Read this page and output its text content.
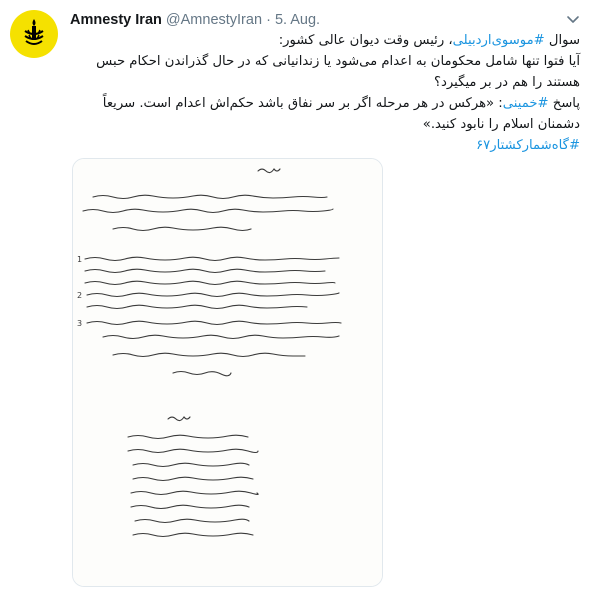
Amnesty Iran @AmnestyIran · 5. Aug.

سوال #موسوی‌اردبیلی، رئیس وقت دیوان عالی کشور:

آیا فتوا تنها شامل محکومان به اعدام می‌شود یا زندانیانی که در حال گذراندن احکام حبس هستند را هم در بر میگیرد؟

پاسخ #خمینی: «هرکس در هر مرحله اگر بر سر نفاق باشد حکم‌اش اعدام است. سریعاً دشمنان اسلام را نابود کنید.»

#گاه‌شمار‌کشتار۶۷

1
2
3
